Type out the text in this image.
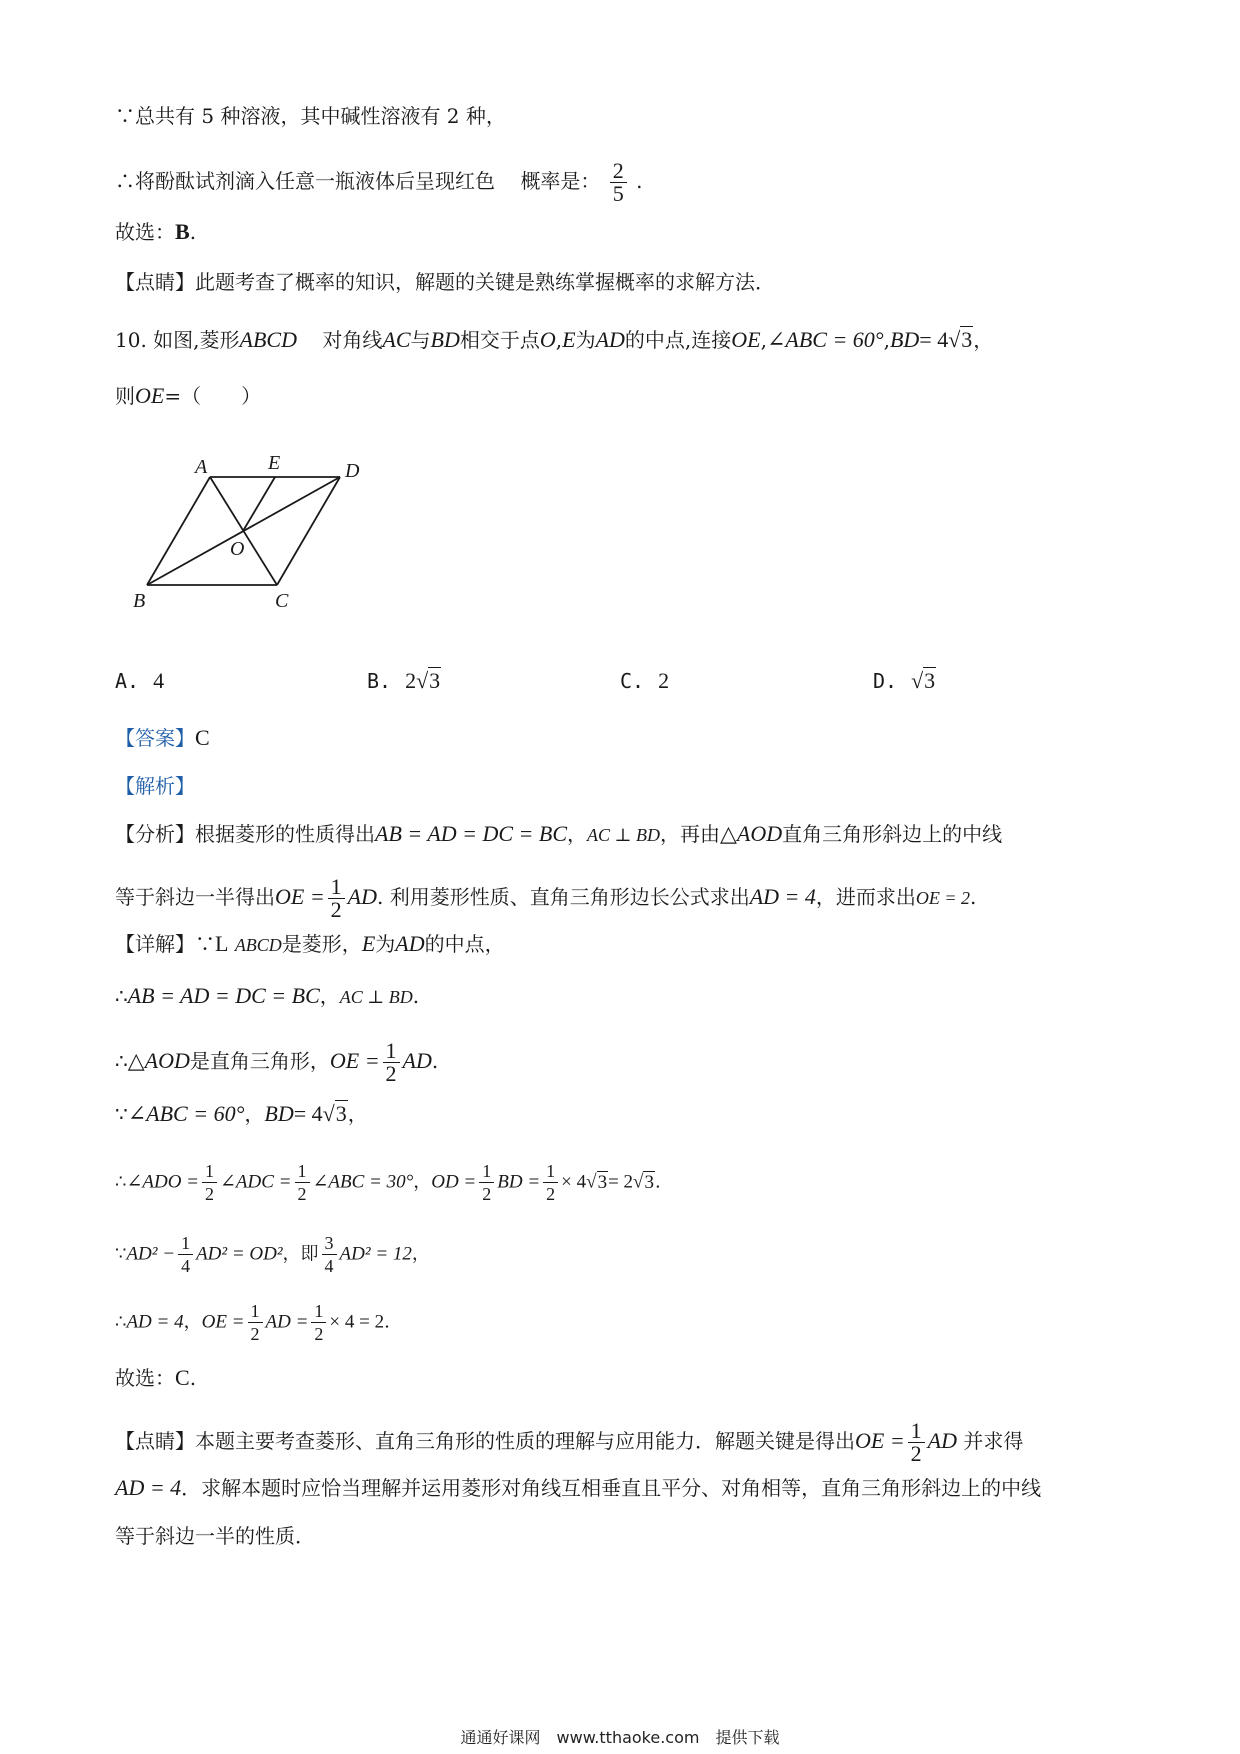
∵总共有 5 种溶液，其中碱性溶液有 2 种，
∴将酚酞试剂滴入任意一瓶液体后呈现红色 概率是： $\frac{2}{5}$ .
故选：B.
【点睛】此题考查了概率的知识，解题的关键是熟练掌握概率的求解方法．
10. 如图,菱形ABCD 对角线AC与BD相交于点O,E为AD的中点,连接OE,∠ABC = 60°,BD= 4√3，
则OE=（　　）
A	E	D
O
B	C
A. 4	B. 2√3	C. 2	D. √3
【答案】C
【解析】
【分析】根据菱形的性质得出AB = AD = DC = BC，AC ⊥ BD，再由△AOD直角三角形斜边上的中线
等于斜边一半得出OE = $\frac{1}{2}$ AD. 利用菱形性质、直角三角形边长公式求出AD = 4，进而求出OE = 2.
【详解】∵L ABCD是菱形，E为AD的中点，
∴AB = AD = DC = BC，AC ⊥ BD.
∴△AOD是直角三角形，OE = $\frac{1}{2}$ AD.
∵∠ABC = 60°，BD= 4√3，
∴∠ADO = $\frac{1}{2}$ ∠ADC = $\frac{1}{2}$ ∠ABC = 30°，OD = $\frac{1}{2}$ BD = $\frac{1}{2} \times 4√3= 2√3$.
∵AD² − $\frac{1}{4} AD^2 = OD^2$，即 $\frac{3}{4} AD^2 = 12$，
∴AD = 4，OE = $\frac{1}{2}$ AD = $\frac{1}{2} \times 4 = 2$.
故选：C.
【点睛】本题主要考查菱形、直角三角形的性质的理解与应用能力．解题关键是得出OE = $\frac{1}{2}$ AD 并求得
AD = 4．求解本题时应恰当理解并运用菱形对角线互相垂直且平分、对角相等，直角三角形斜边上的中线
等于斜边一半的性质．
通通好课网　www.tthaoke.com　提供下载
